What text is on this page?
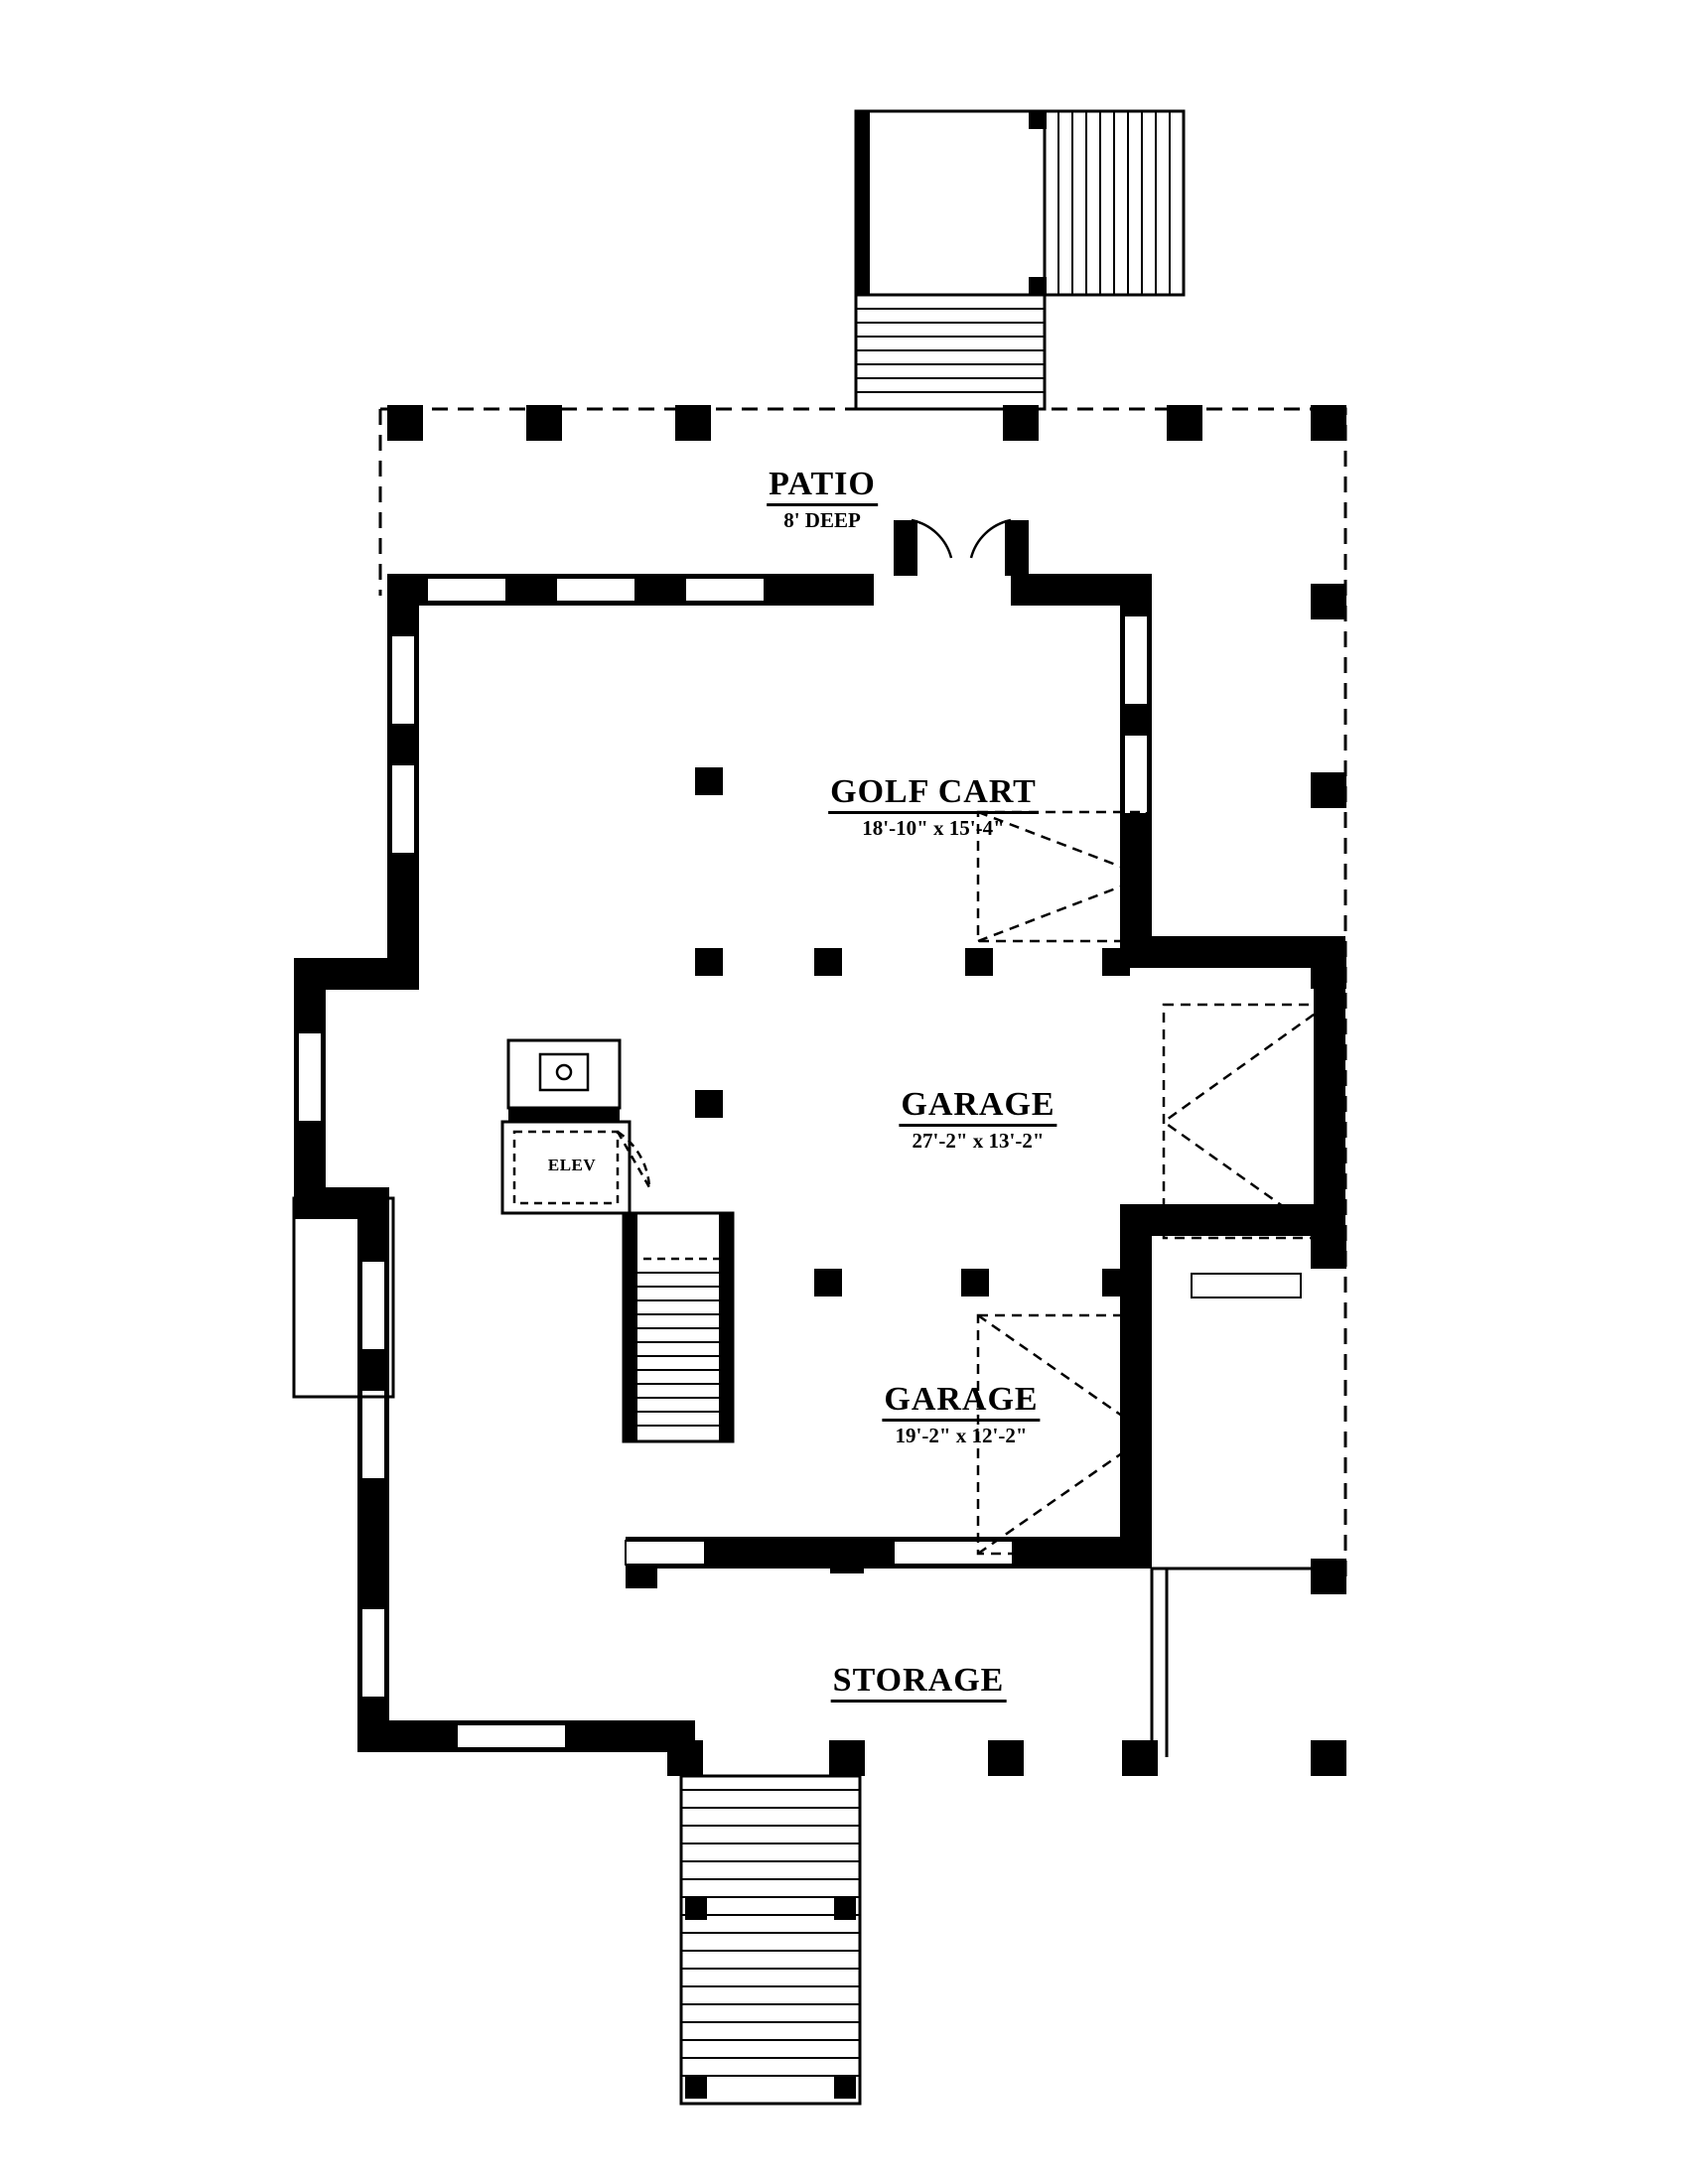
PATIO
8' DEEP
GOLF CART
18'-10" x 15'-4"
GARAGE
27'-2" x 13'-2"
GARAGE
19'-2" x 12'-2"
STORAGE
ELEV
